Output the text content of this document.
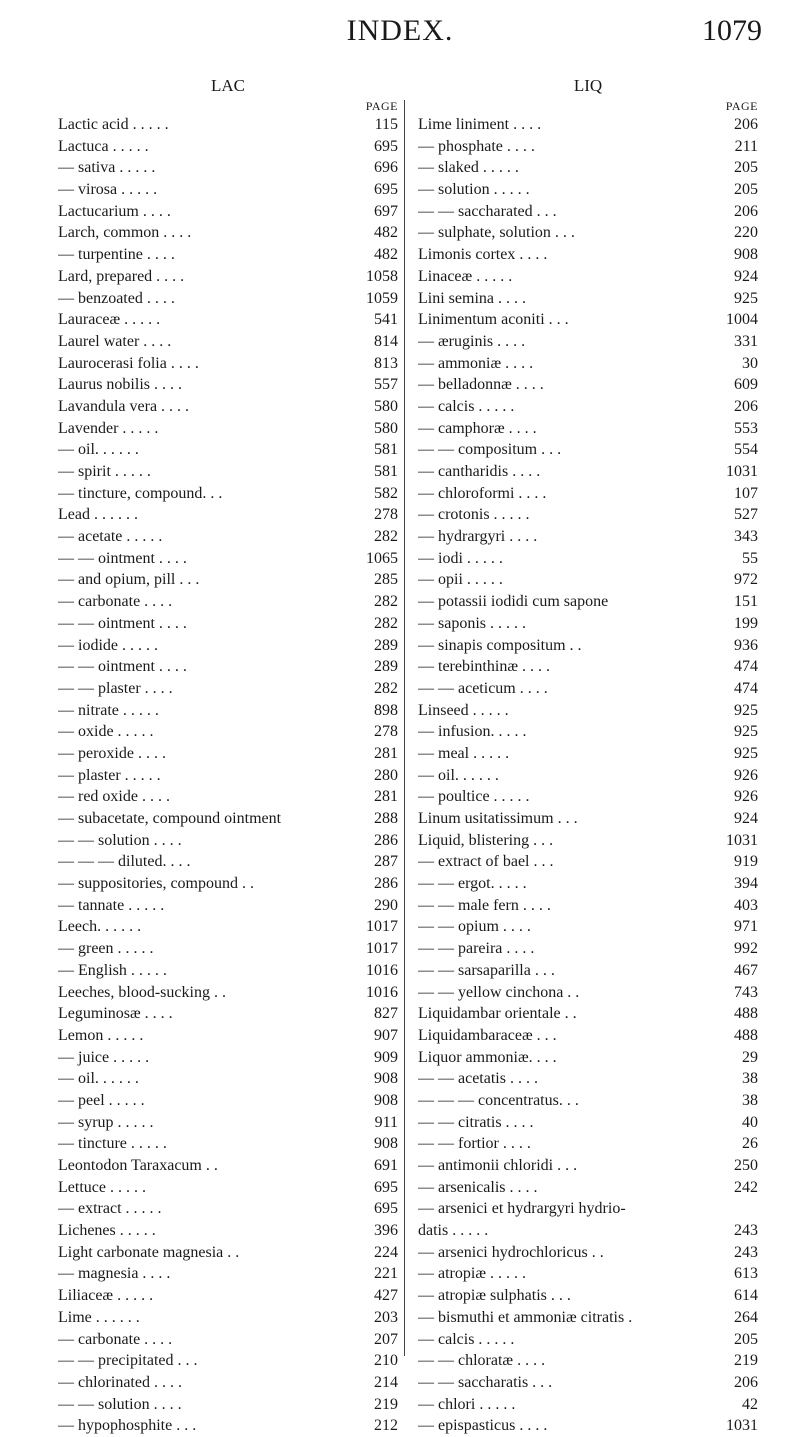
INDEX.	1079
LAC
PAGE
Lactic acid . . . . .	115
Lactuca . . . . .	695
— sativa . . . . .	696
— virosa . . . . .	695
Lactucarium . . . .	697
Larch, common . . . .	482
— turpentine . . . .	482
Lard, prepared . . . .	1058
— benzoated . . . .	1059
Lauraceæ . . . . .	541
Laurel water . . . .	814
Laurocerasi folia . . . .	813
Laurus nobilis . . . .	557
Lavandula vera . . . .	580
Lavender . . . . .	580
— oil. . . . . .	581
— spirit . . . . .	581
— tincture, compound. . .	582
Lead . . . . . .	278
— acetate . . . . .	282
— — ointment . . . .	1065
— and opium, pill . . .	285
— carbonate . . . .	282
— — ointment . . . .	282
— iodide . . . . .	289
— — ointment . . . .	289
— — plaster . . . .	282
— nitrate . . . . .	898
— oxide . . . . .	278
— peroxide . . . .	281
— plaster . . . . .	280
— red oxide . . . .	281
— subacetate, compound ointment	288
— — solution . . . .	286
— — — diluted. . . .	287
— suppositories, compound . .	286
— tannate . . . . .	290
Leech. . . . . .	1017
— green . . . . .	1017
— English . . . . .	1016
Leeches, blood-sucking . .	1016
Leguminosæ . . . .	827
Lemon . . . . .	907
— juice . . . . .	909
— oil. . . . . .	908
— peel . . . . .	908
— syrup . . . . .	911
— tincture . . . . .	908
Leontodon Taraxacum . .	691
Lettuce . . . . .	695
— extract . . . . .	695
Lichenes . . . . .	396
Light carbonate magnesia . .	224
— magnesia . . . .	221
Liliaceæ . . . . .	427
Lime . . . . . .	203
— carbonate . . . .	207
— — precipitated . . .	210
— chlorinated . . . .	214
— — solution . . . .	219
— hypophosphite . . .	212
LIQ
PAGE
Lime liniment . . . .	206
— phosphate . . . .	211
— slaked . . . . .	205
— solution . . . . .	205
— — saccharated . . .	206
— sulphate, solution . . .	220
Limonis cortex . . . .	908
Linaceæ . . . . .	924
Lini semina . . . .	925
Linimentum aconiti . . .	1004
— æruginis . . . .	331
— ammoniæ . . . .	30
— belladonnæ . . . .	609
— calcis . . . . .	206
— camphoræ . . . .	553
— — compositum . . .	554
— cantharidis . . . .	1031
— chloroformi . . . .	107
— crotonis . . . . .	527
— hydrargyri . . . .	343
— iodi . . . . .	55
— opii . . . . .	972
— potassii iodidi cum sapone	151
— saponis . . . . .	199
— sinapis compositum . .	936
— terebinthinæ . . . .	474
— — aceticum . . . .	474
Linseed . . . . .	925
— infusion. . . . .	925
— meal . . . . .	925
— oil. . . . . .	926
— poultice . . . . .	926
Linum usitatissimum . . .	924
Liquid, blistering . . .	1031
— extract of bael . . .	919
— — ergot. . . . .	394
— — male fern . . . .	403
— — opium . . . .	971
— — pareira . . . .	992
— — sarsaparilla . . .	467
— — yellow cinchona . .	743
Liquidambar orientale . .	488
Liquidambaraceæ . . .	488
Liquor ammoniæ. . . .	29
— — acetatis . . . .	38
— — — concentratus. . .	38
— — citratis . . . .	40
— — fortior . . . .	26
— antimonii chloridi . . .	250
— arsenicalis . . . .	242
— arsenici et hydrargyri hydrio-
datis . . . . .	243
— arsenici hydrochloricus . .	243
— atropiæ . . . . .	613
— atropiæ sulphatis . . .	614
— bismuthi et ammoniæ citratis .	264
— calcis . . . . .	205
— — chloratæ . . . .	219
— — saccharatis . . .	206
— chlori . . . . .	42
— epispasticus . . . .	1031
